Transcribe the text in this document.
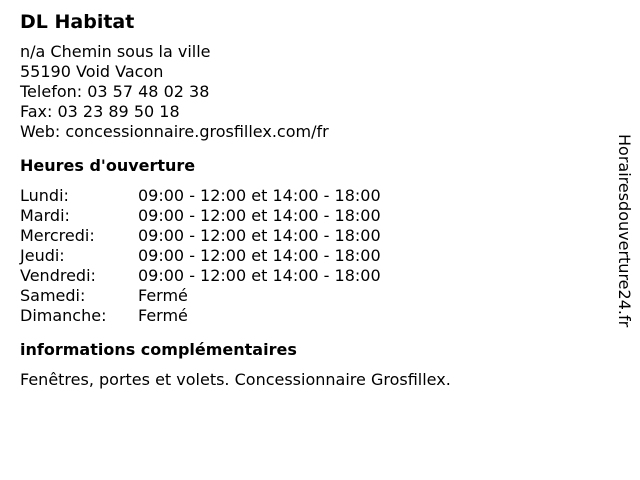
DL Habitat
n/a Chemin sous la ville
55190 Void Vacon
Telefon: 03 57 48 02 38
Fax: 03 23 89 50 18
Web: concessionnaire.grosfillex.com/fr
Heures d'ouverture
Lundi:	09:00 - 12:00 et 14:00 - 18:00
Mardi:	09:00 - 12:00 et 14:00 - 18:00
Mercredi:	09:00 - 12:00 et 14:00 - 18:00
Jeudi:	09:00 - 12:00 et 14:00 - 18:00
Vendredi:	09:00 - 12:00 et 14:00 - 18:00
Samedi:	Fermé
Dimanche:	Fermé
informations complémentaires
Fenêtres, portes et volets. Concessionnaire Grosfillex.
Horairesdouverture24.fr
